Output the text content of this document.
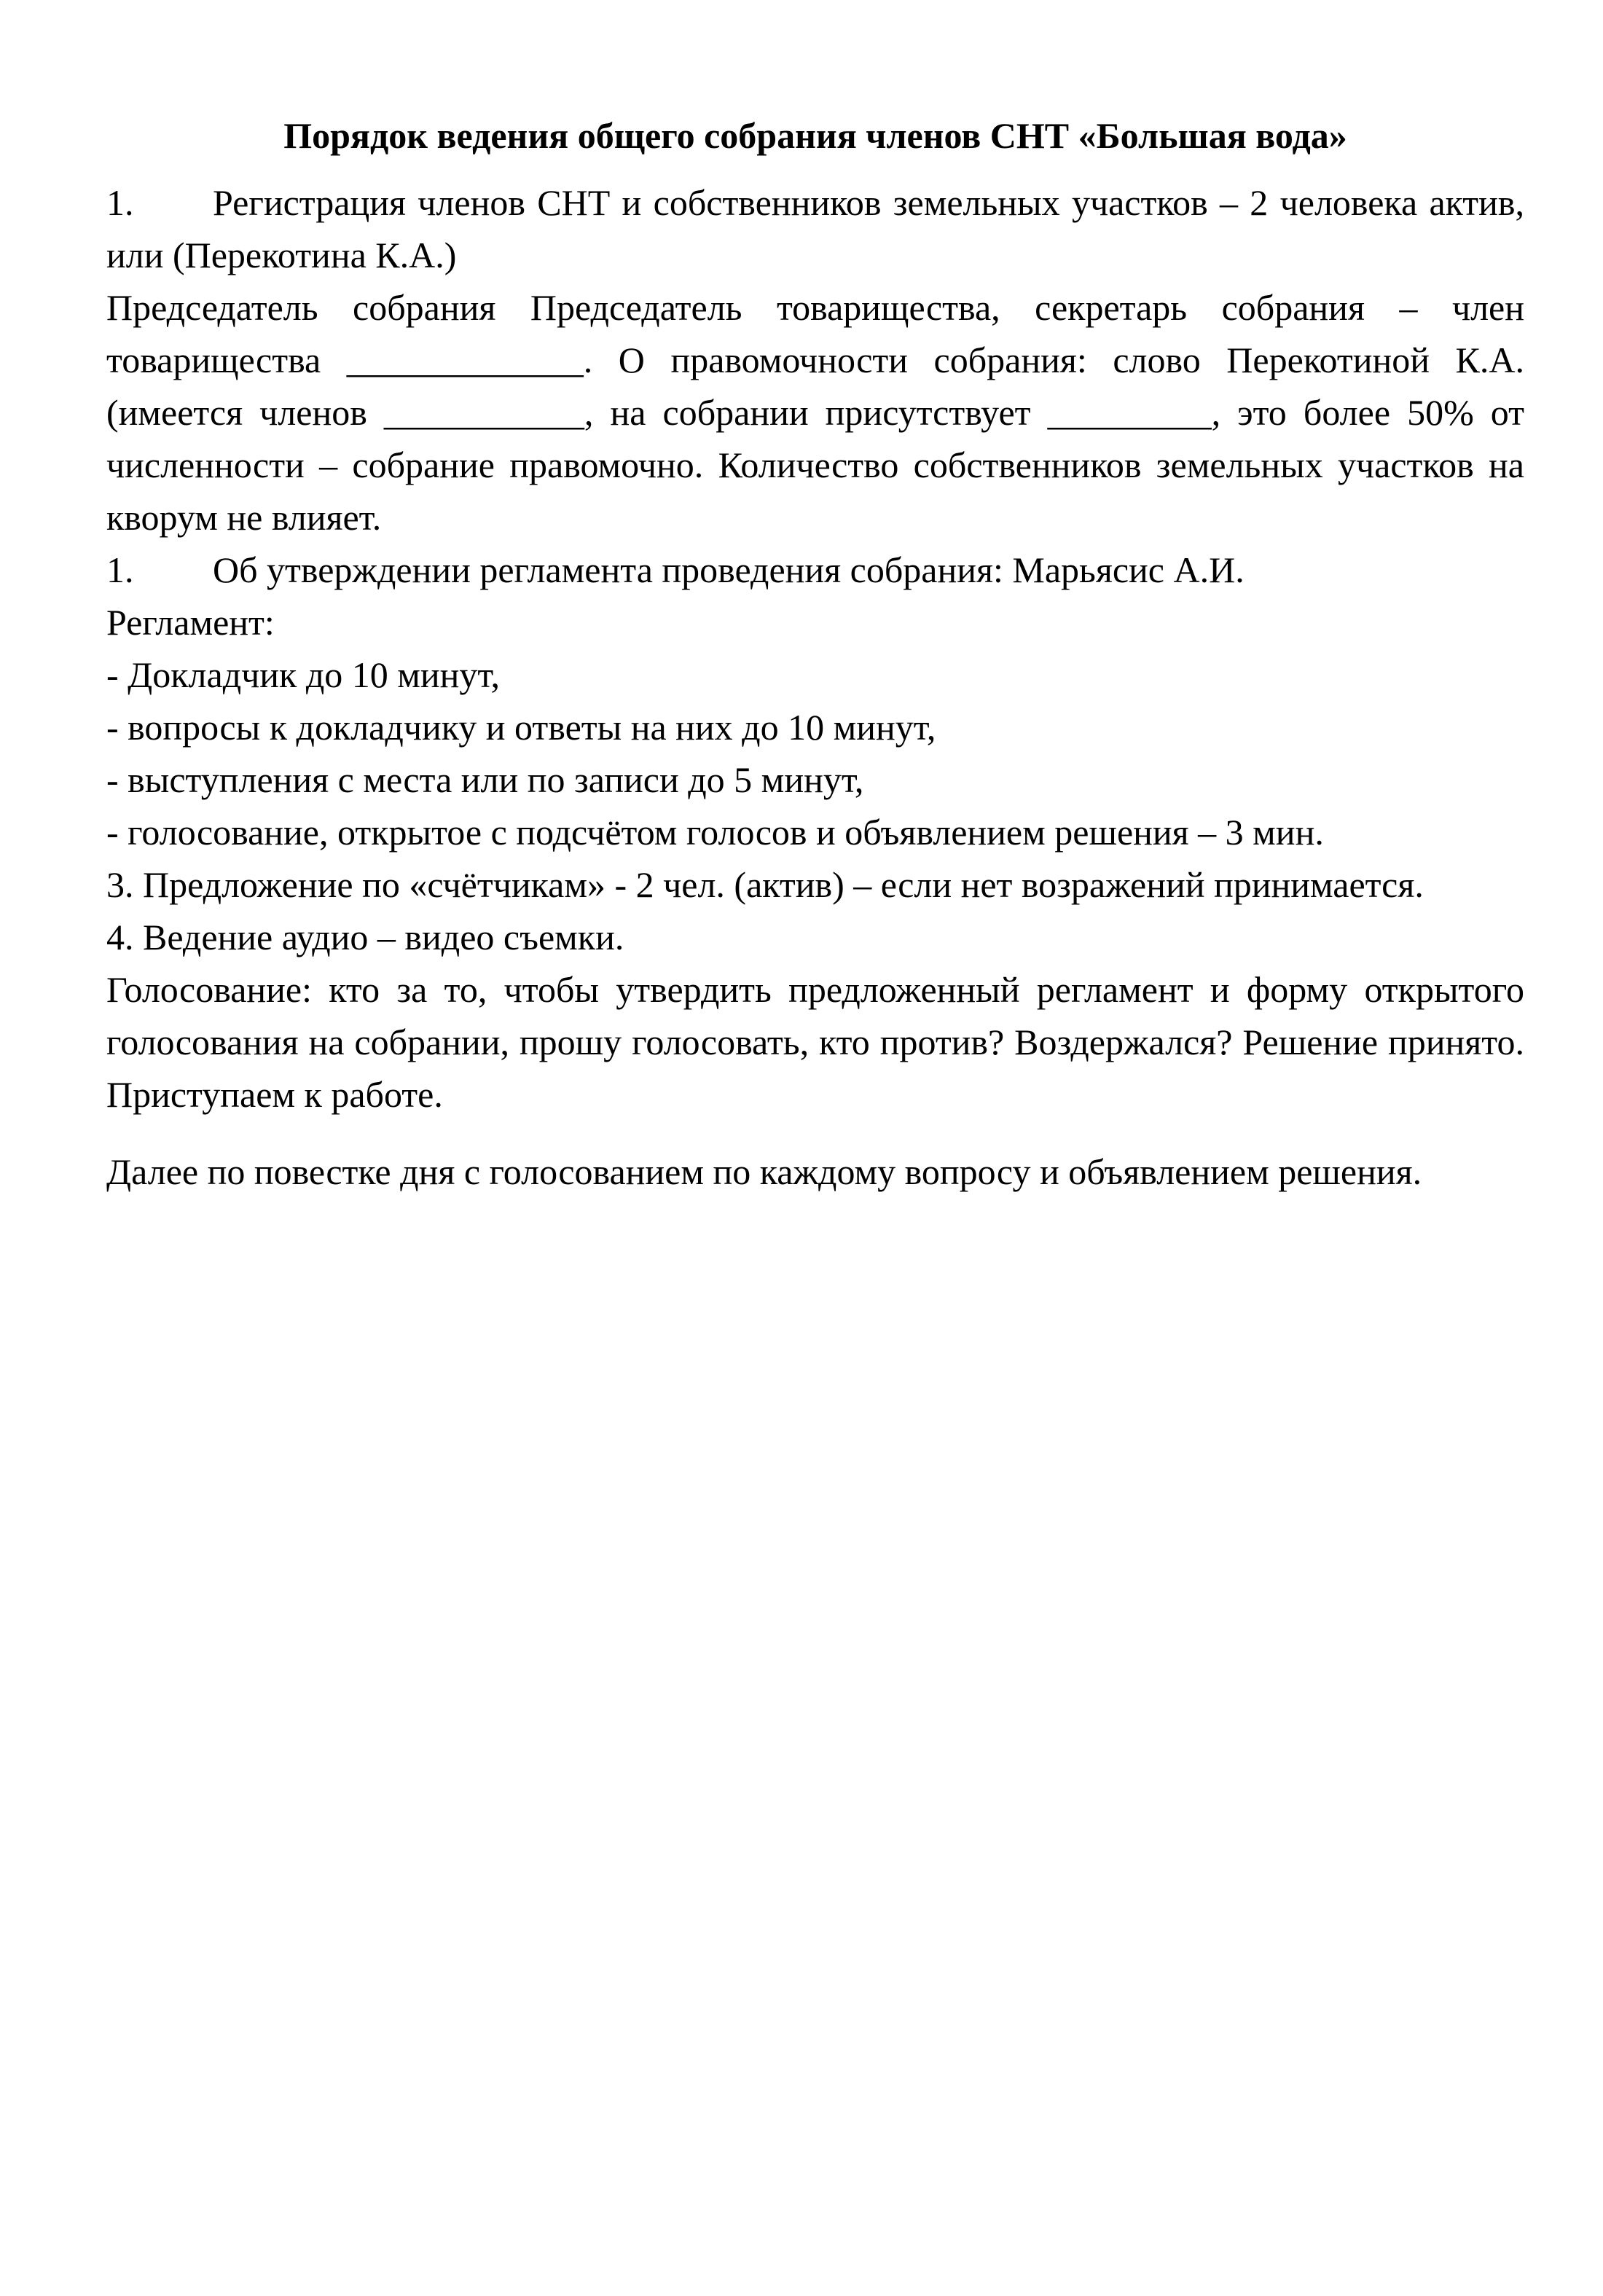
Порядок ведения общего собрания членов СНТ «Большая вода»

1. Регистрация членов СНТ и собственников земельных участков – 2 человека актив, или (Перекотина К.А.)

Председатель собрания Председатель товарищества, секретарь собрания – член товарищества _____________. О правомочности собрания: слово Перекотиной К.А. (имеется членов ___________, на собрании присутствует _________, это более 50% от численности – собрание правомочно. Количество собственников земельных участков на кворум не влияет.

1. Об утверждении регламента проведения собрания: Марьясис А.И.

Регламент:

- Докладчик до 10 минут,

- вопросы к докладчику и ответы на них до 10 минут,

- выступления с места или по записи до 5 минут,

- голосование, открытое с подсчётом голосов и объявлением решения – 3 мин.

3. Предложение по «счётчикам» - 2 чел. (актив) – если нет возражений принимается.

4. Ведение аудио – видео съемки.

Голосование: кто за то, чтобы утвердить предложенный регламент и форму открытого голосования на собрании, прошу голосовать, кто против? Воздержался? Решение принято. Приступаем к работе.

Далее по повестке дня с голосованием по каждому вопросу и объявлением решения.
